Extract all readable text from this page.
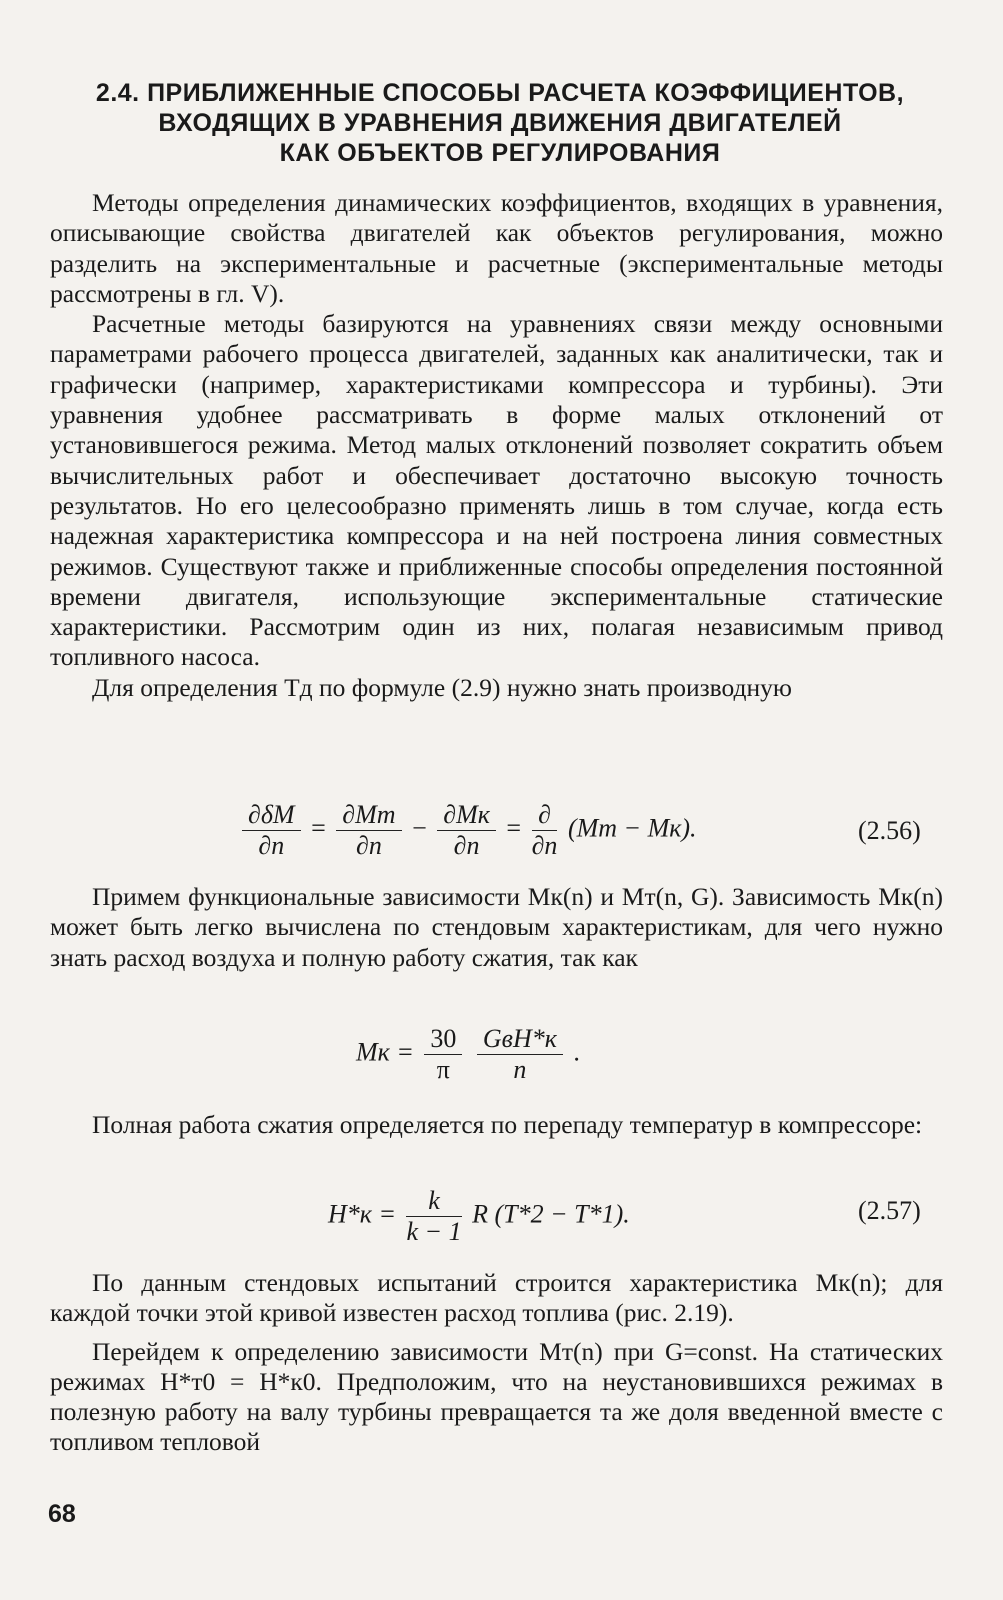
2.4. ПРИБЛИЖЕННЫЕ СПОСОБЫ РАСЧЕТА КОЭФФИЦИЕНТОВ,
ВХОДЯЩИХ В УРАВНЕНИЯ ДВИЖЕНИЯ ДВИГАТЕЛЕЙ
КАК ОБЪЕКТОВ РЕГУЛИРОВАНИЯ

Методы определения динамических коэффициентов, входящих в уравнения, описывающие свойства двигателей как объектов регулирования, можно разделить на экспериментальные и расчетные (экспериментальные методы рассмотрены в гл. V).

Расчетные методы базируются на уравнениях связи между основными параметрами рабочего процесса двигателей, заданных как аналитически, так и графически (например, характеристиками компрессора и турбины). Эти уравнения удобнее рассматривать в форме малых отклонений от установившегося режима. Метод малых отклонений позволяет сократить объем вычислительных работ и обеспечивает достаточно высокую точность результатов. Но его целесообразно применять лишь в том случае, когда есть надежная характеристика компрессора и на ней построена линия совместных режимов. Существуют также и приближенные способы определения постоянной времени двигателя, использующие экспериментальные статические характеристики. Рассмотрим один из них, полагая независимым привод топливного насоса.

Для определения Tд по формуле (2.9) нужно знать производную

$\frac{\partial\delta M}{\partial n} = \frac{\partial Mт}{\partial n} - \frac{\partial Mк}{\partial n} = \frac{\partial}{\partial n} (Mт - Mк)$.	(2.56)

Примем функциональные зависимости Mк(n) и Mт(n, G). Зависимость Mк(n) может быть легко вычислена по стендовым характеристикам, для чего нужно знать расход воздуха и полную работу сжатия, так как

Mк = $\frac{30}{\pi}$
$\frac{\text{GвH*к}}{n}$ .

Полная работа сжатия определяется по перепаду температур в компрессоре:

$H*к = \frac{k}{k - 1}$ R (T*2 − T*1).	(2.57)

По данным стендовых испытаний строится характеристика Mк(n); для каждой точки этой кривой известен расход топлива (рис. 2.19).

Перейдем к определению зависимости Mт(n) при G=const. На статических режимах H*т0 = H*к0. Предположим, что на неустановившихся режимах в полезную работу на валу турбины превращается та же доля введенной вместе с топливом тепловой

68
